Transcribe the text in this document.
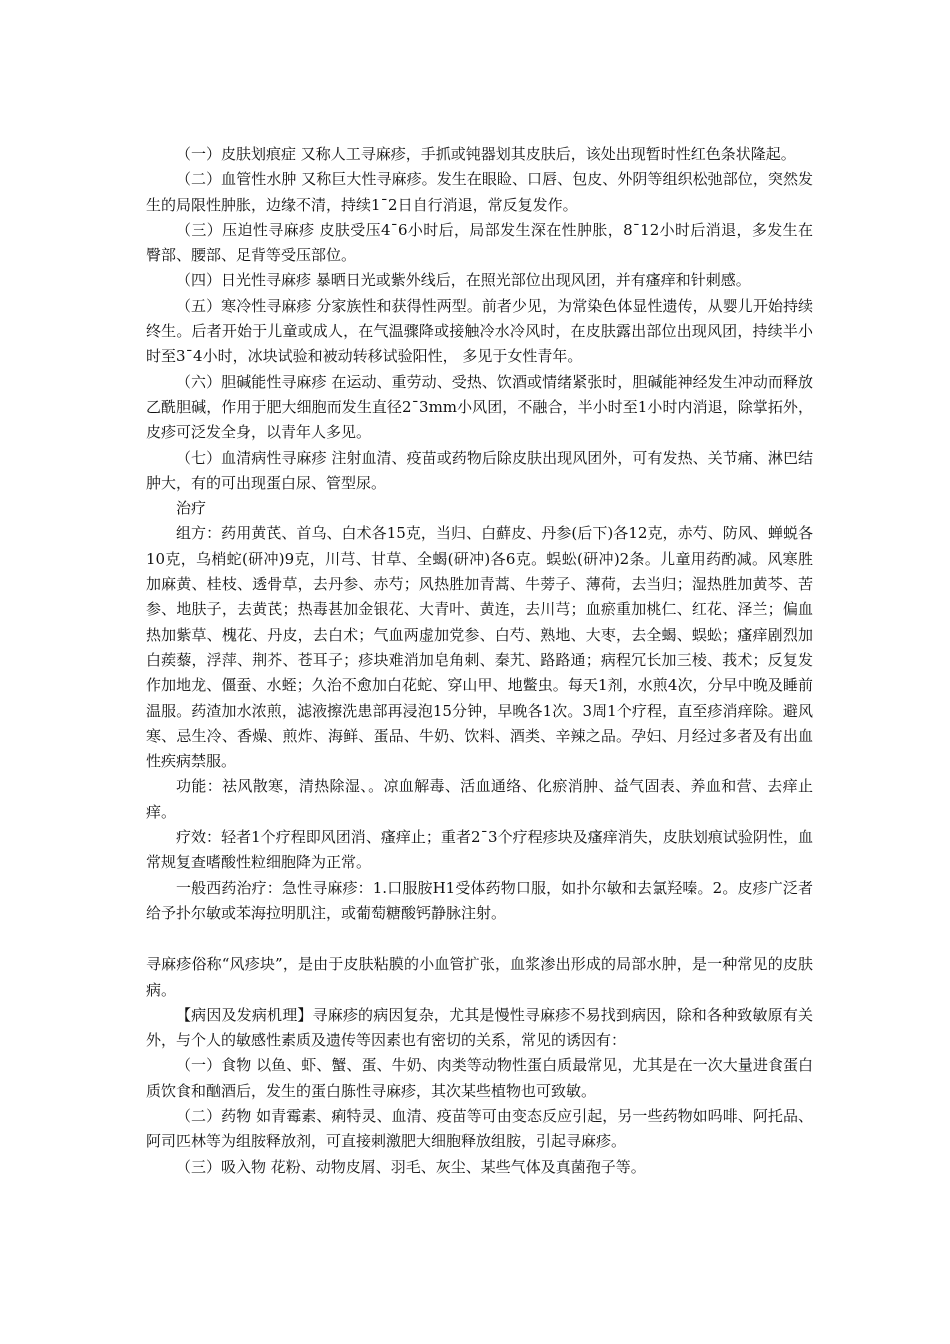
（一）皮肤划痕症 又称人工寻麻疹，手抓或钝器划其皮肤后，该处出现暂时性红色条状隆起。

（二）血管性水肿 又称巨大性寻麻疹。发生在眼睑、口唇、包皮、外阴等组织松弛部位，突然发生的局限性肿胀，边缘不清，持续1¯2日自行消退，常反复发作。

（三）压迫性寻麻疹 皮肤受压4¯6小时后，局部发生深在性肿胀，8¯12小时后消退，多发生在臀部、腰部、足背等受压部位。

（四）日光性寻麻疹 暴晒日光或紫外线后，在照光部位出现风团，并有瘙痒和针刺感。

（五）寒冷性寻麻疹 分家族性和获得性两型。前者少见，为常染色体显性遗传，从婴儿开始持续终生。后者开始于儿童或成人，在气温骤降或接触冷水冷风时，在皮肤露出部位出现风团，持续半小时至3¯4小时，冰块试验和被动转移试验阳性， 多见于女性青年。

（六）胆碱能性寻麻疹 在运动、重劳动、受热、饮酒或情绪紧张时，胆碱能神经发生冲动而释放乙酰胆碱，作用于肥大细胞而发生直径2¯3mm小风团，不融合，半小时至1小时内消退，除掌拓外，皮疹可泛发全身，以青年人多见。

（七）血清病性寻麻疹 注射血清、疫苗或药物后除皮肤出现风团外，可有发热、关节痛、淋巴结肿大，有的可出现蛋白尿、管型尿。

治疗

组方：药用黄芪、首乌、白术各15克，当归、白蘚皮、丹参(后下)各12克，赤芍、防风、蝉蜕各10克，乌梢蛇(研冲)9克，川芎、甘草、全蝎(研冲)各6克。蜈蚣(研冲)2条。儿童用药酌减。风寒胜加麻黄、桂枝、透骨草，去丹参、赤芍；风热胜加青蒿、牛蒡子、薄荷，去当归；湿热胜加黄芩、苦参、地肤子，去黄芪；热毒甚加金银花、大青叶、黄连，去川芎；血瘀重加桃仁、红花、泽兰；偏血热加紫草、槐花、丹皮，去白术；气血两虚加党参、白芍、熟地、大枣，去全蝎、蜈蚣；瘙痒剧烈加白蒺藜，浮萍、荆芥、苍耳子；疹块难消加皂角刺、秦艽、路路通；病程冗长加三棱、莪术；反复发作加地龙、僵蚕、水蛭；久治不愈加白花蛇、穿山甲、地鳖虫。每天1剂，水煎4次，分早中晚及睡前温服。药渣加水浓煎，滤液擦洗患部再浸泡15分钟，早晚各1次。3周1个疗程，直至疹消痒除。避风寒、忌生冷、香燥、煎炸、海鲜、蛋品、牛奶、饮料、酒类、辛辣之品。孕妇、月经过多者及有出血性疾病禁服。

功能：祛风散寒，清热除湿、。凉血解毒、活血通络、化瘀消肿、益气固表、养血和营、去痒止痒。

疗效：轻者1个疗程即风团消、瘙痒止；重者2¯3个疗程疹块及瘙痒消失，皮肤划痕试验阴性，血常规复查嗜酸性粒细胞降为正常。

一般西药治疗：急性寻麻疹：1.口服胺H1受体药物口服，如扑尔敏和去氯羟嗪。2。皮疹广泛者给予扑尔敏或苯海拉明肌注，或葡萄糖酸钙静脉注射。

寻麻疹俗称“风疹块”，是由于皮肤粘膜的小血管扩张，血浆渗出形成的局部水肿，是一种常见的皮肤病。

【病因及发病机理】寻麻疹的病因复杂，尤其是慢性寻麻疹不易找到病因，除和各种致敏原有关外，与个人的敏感性素质及遗传等因素也有密切的关系，常见的诱因有：

（一）食物 以鱼、虾、蟹、蛋、牛奶、肉类等动物性蛋白质最常见，尤其是在一次大量进食蛋白质饮食和酗酒后，发生的蛋白胨性寻麻疹，其次某些植物也可致敏。

（二）药物 如青霉素、痢特灵、血清、疫苗等可由变态反应引起，另一些药物如吗啡、阿托品、阿司匹林等为组胺释放剂，可直接刺激肥大细胞释放组胺，引起寻麻疹。

（三）吸入物 花粉、动物皮屑、羽毛、灰尘、某些气体及真菌孢子等。
